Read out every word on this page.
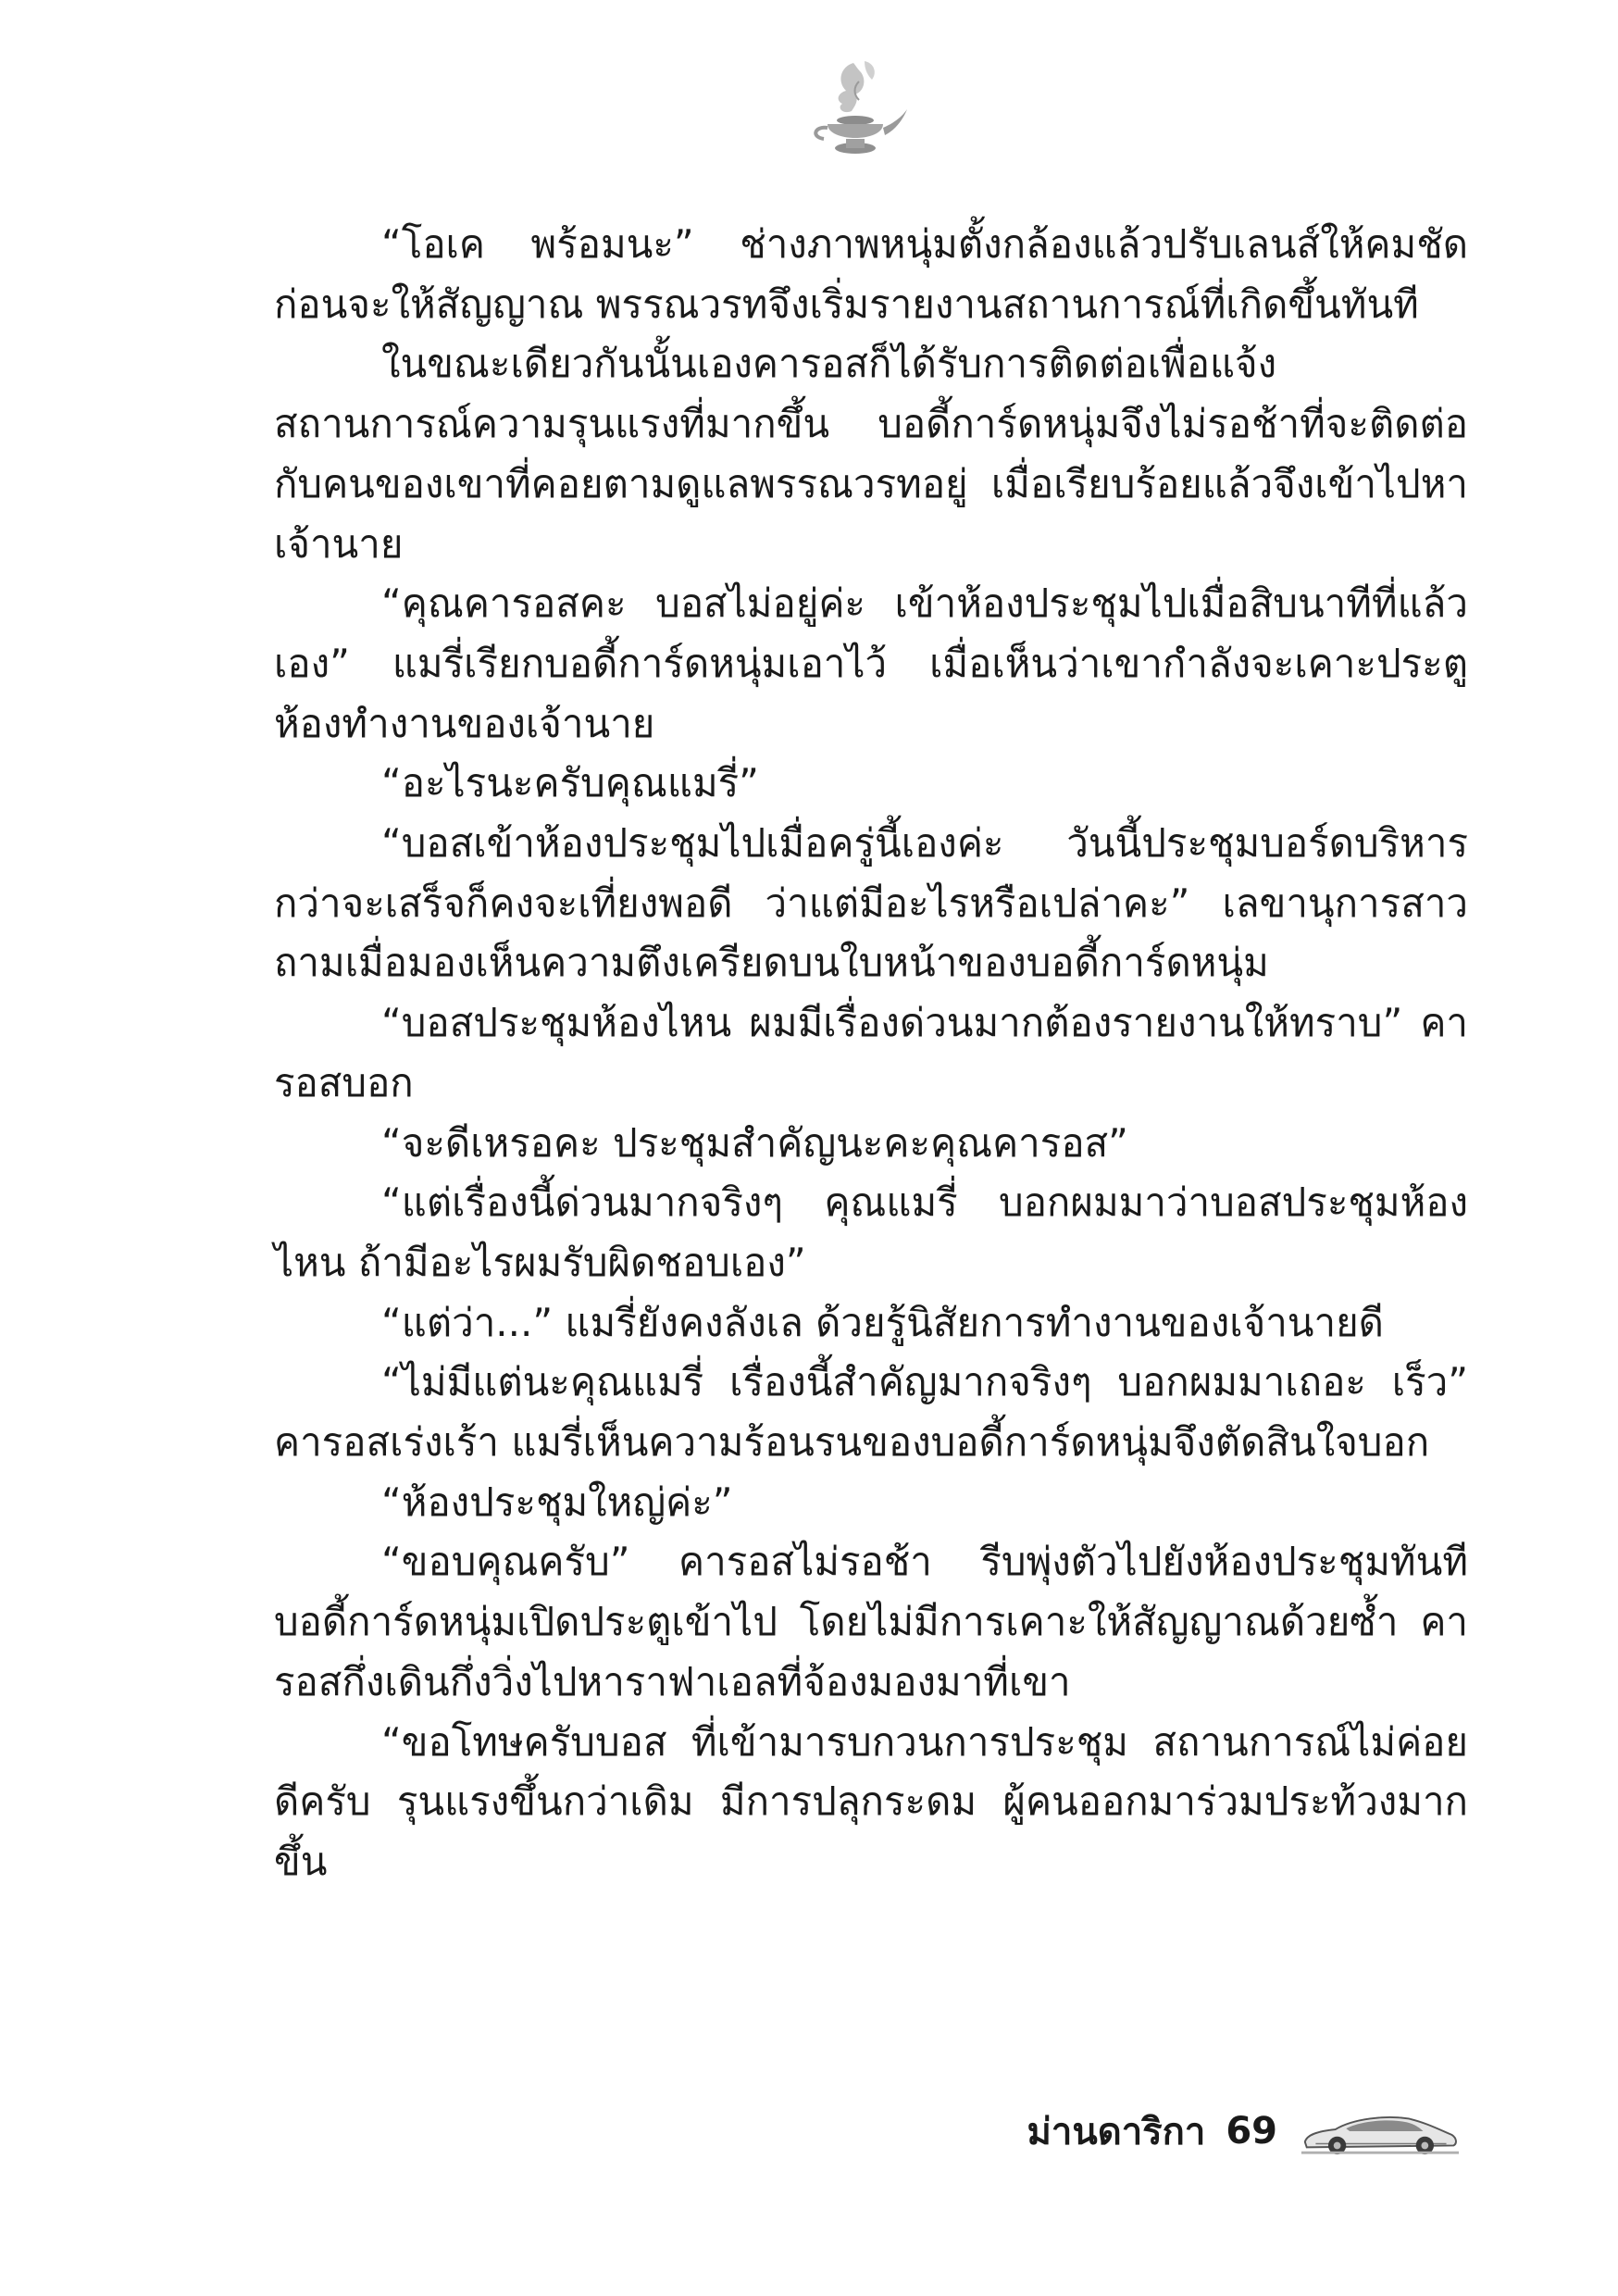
“โอเค พร้อมนะ” ช่างภาพหนุ่มตั้งกล้องแล้วปรับเลนส์ให้คมชัดก่อนจะให้สัญญาณ พรรณวรทจึงเริ่มรายงานสถานการณ์ที่เกิดขึ้นทันที

ในขณะเดียวกันนั้นเองคารอสก็ได้รับการติดต่อเพื่อแจ้งสถานการณ์ความรุนแรงที่มากขึ้น บอดี้การ์ดหนุ่มจึงไม่รอช้าที่จะติดต่อกับคนของเขาที่คอยตามดูแลพรรณวรทอยู่ เมื่อเรียบร้อยแล้วจึงเข้าไปหาเจ้านาย

“คุณคารอสคะ บอสไม่อยู่ค่ะ เข้าห้องประชุมไปเมื่อสิบนาทีที่แล้วเอง” แมรี่เรียกบอดี้การ์ดหนุ่มเอาไว้ เมื่อเห็นว่าเขากำลังจะเคาะประตูห้องทำงานของเจ้านาย

“อะไรนะครับคุณแมรี่”

“บอสเข้าห้องประชุมไปเมื่อครู่นี้เองค่ะ วันนี้ประชุมบอร์ดบริหารกว่าจะเสร็จก็คงจะเที่ยงพอดี ว่าแต่มีอะไรหรือเปล่าคะ” เลขานุการสาวถามเมื่อมองเห็นความตึงเครียดบนใบหน้าของบอดี้การ์ดหนุ่ม

“บอสประชุมห้องไหน ผมมีเรื่องด่วนมากต้องรายงานให้ทราบ” คารอสบอก

“จะดีเหรอคะ ประชุมสำคัญนะคะคุณคารอส”

“แต่เรื่องนี้ด่วนมากจริงๆ คุณแมรี่ บอกผมมาว่าบอสประชุมห้องไหน ถ้ามีอะไรผมรับผิดชอบเอง”

“แต่ว่า...” แมรี่ยังคงลังเล ด้วยรู้นิสัยการทำงานของเจ้านายดี

“ไม่มีแต่นะคุณแมรี่ เรื่องนี้สำคัญมากจริงๆ บอกผมมาเถอะ เร็ว” คารอสเร่งเร้า แมรี่เห็นความร้อนรนของบอดี้การ์ดหนุ่มจึงตัดสินใจบอก

“ห้องประชุมใหญ่ค่ะ”

“ขอบคุณครับ” คารอสไม่รอช้า รีบพุ่งตัวไปยังห้องประชุมทันที บอดี้การ์ดหนุ่มเปิดประตูเข้าไป โดยไม่มีการเคาะให้สัญญาณด้วยซ้ำ คารอสกึ่งเดินกึ่งวิ่งไปหาราฟาเอลที่จ้องมองมาที่เขา

“ขอโทษครับบอส ที่เข้ามารบกวนการประชุม สถานการณ์ไม่ค่อยดีครับ รุนแรงขึ้นกว่าเดิม มีการปลุกระดม ผู้คนออกมาร่วมประท้วงมากขึ้น

ม่านดาริกา 69
